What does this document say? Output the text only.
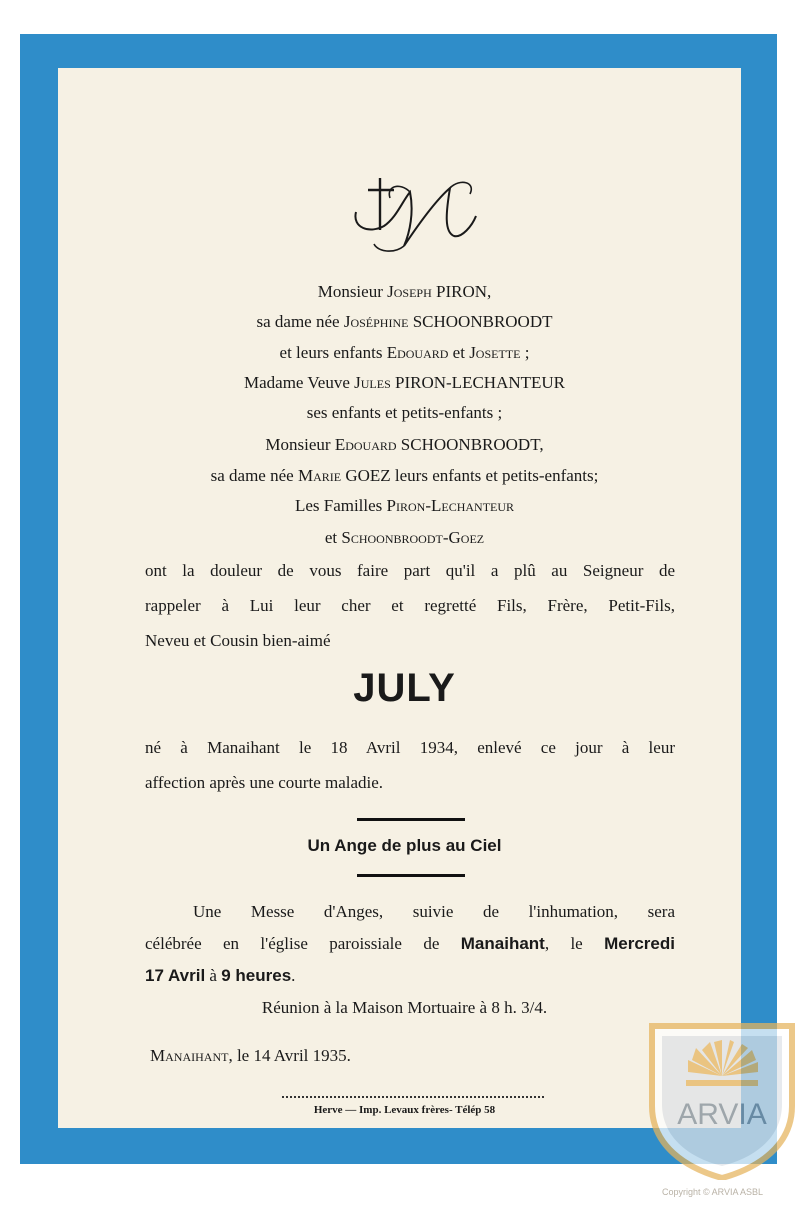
Monsieur Joseph PIRON,
sa dame née Joséphine SCHOONBROODT
et leurs enfants Edouard et Josette ;
Madame Veuve Jules PIRON-LECHANTEUR
ses enfants et petits-enfants ;
Monsieur Edouard SCHOONBROODT,
sa dame née Marie GOEZ leurs enfants et petits-enfants;
Les Familles Piron-Lechanteur
et Schoonbroodt-Goez
ont la douleur de vous faire part qu'il a plû au Seigneur de
rappeler à Lui leur cher et regretté Fils, Frère, Petit-Fils,
Neveu et Cousin bien-aimé
JULY
né à Manaihant le 18 Avril 1934, enlevé ce jour à leur
affection après une courte maladie.
Un Ange de plus au Ciel
Une Messe d'Anges, suivie de l'inhumation, sera
célébrée en l'église paroissiale de Manaihant, le Mercredi
17 Avril à 9 heures.
Réunion à la Maison Mortuaire à 8 h. 3/4.
Manaihant, le 14 Avril 1935.
Herve — Imp. Levaux frères- Télép 58	ARVIA
Copyright © ARVIA ASBL
